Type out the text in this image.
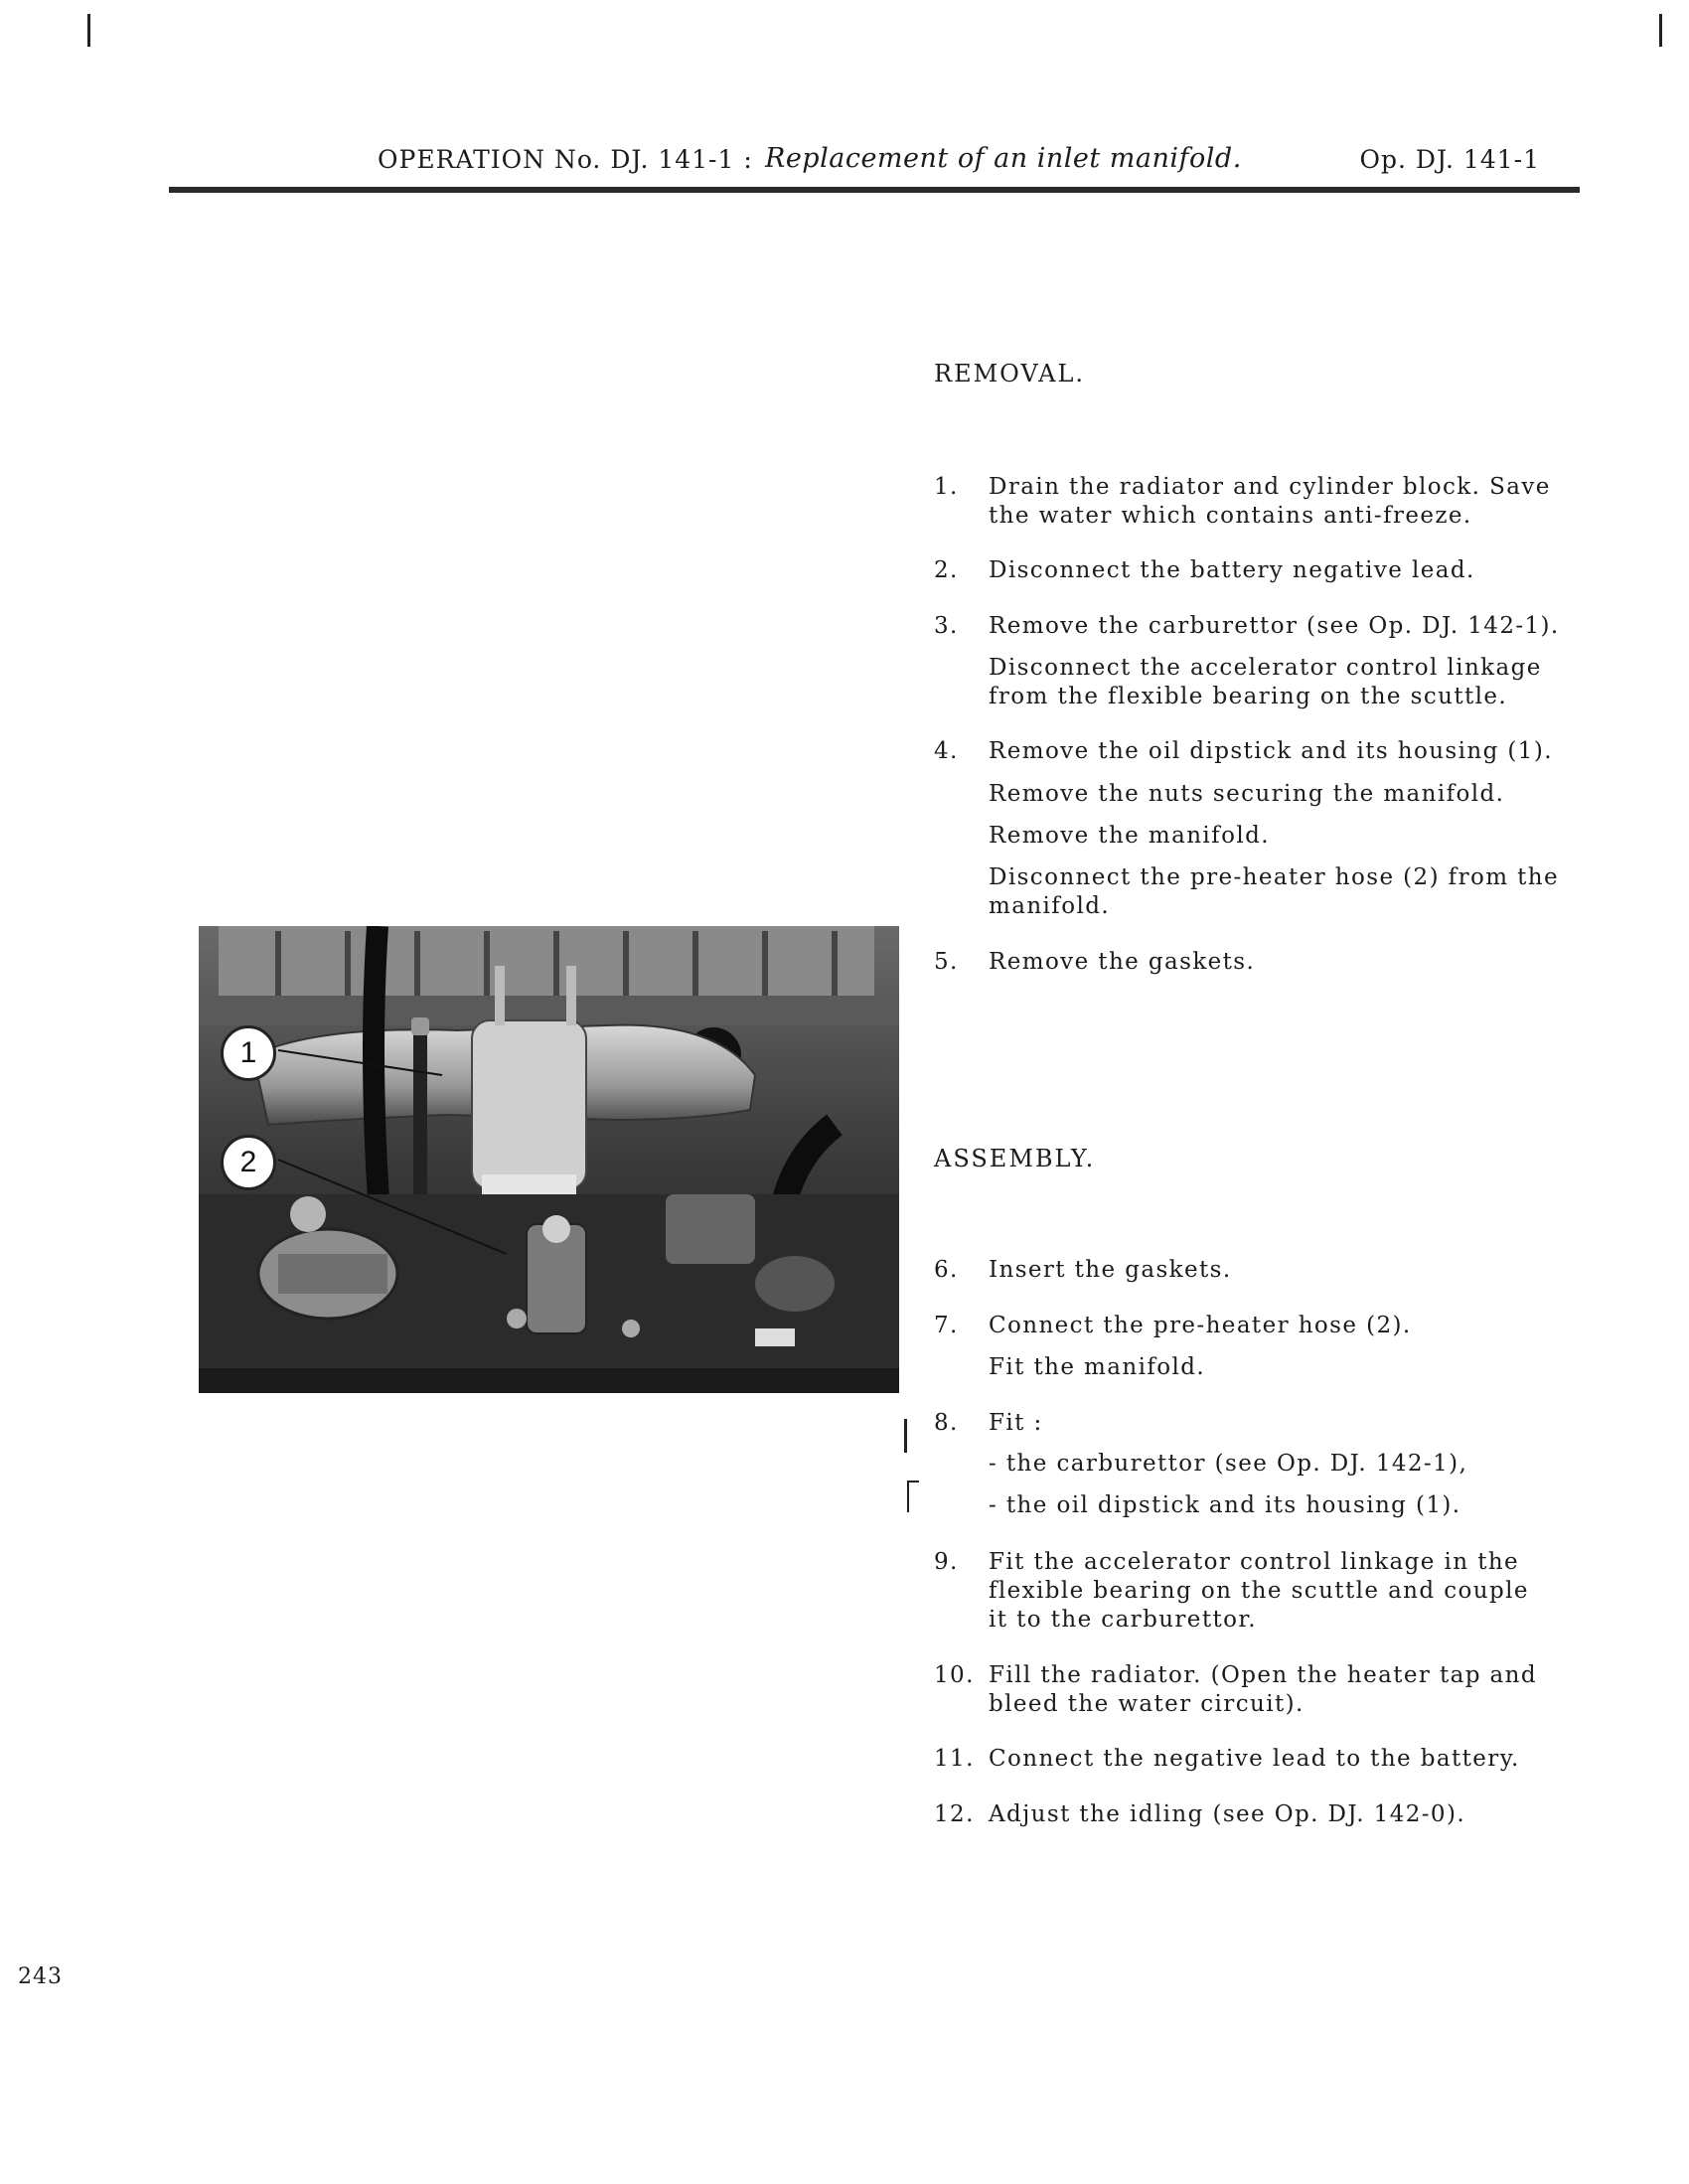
OPERATION No. DJ. 141-1 : Replacement of an inlet manifold.	Op. DJ. 141-1
REMOVAL.
1.	Drain the radiator and cylinder block. Save
the water which contains anti-freeze.
2.	Disconnect the battery negative lead.
3.	Remove the carburettor (see Op. DJ. 142-1).
Disconnect the accelerator control linkage
from the flexible bearing on the scuttle.
4.	Remove the oil dipstick and its housing (1).
Remove the nuts securing the manifold.
Remove the manifold.
Disconnect the pre-heater hose (2) from the
manifold.
5.	Remove the gaskets.
ASSEMBLY.
6.	Insert the gaskets.
7.	Connect the pre-heater hose (2).
Fit the manifold.
8.	Fit :
- the carburettor (see Op. DJ. 142-1),
- the oil dipstick and its housing (1).
9.	Fit the accelerator control linkage in the
flexible bearing on the scuttle and couple
it to the carburettor.
10. Fill the radiator. (Open the heater tap and
bleed the water circuit).
11. Connect the negative lead to the battery.
12. Adjust the idling (see Op. DJ. 142-0).
1
2
243
